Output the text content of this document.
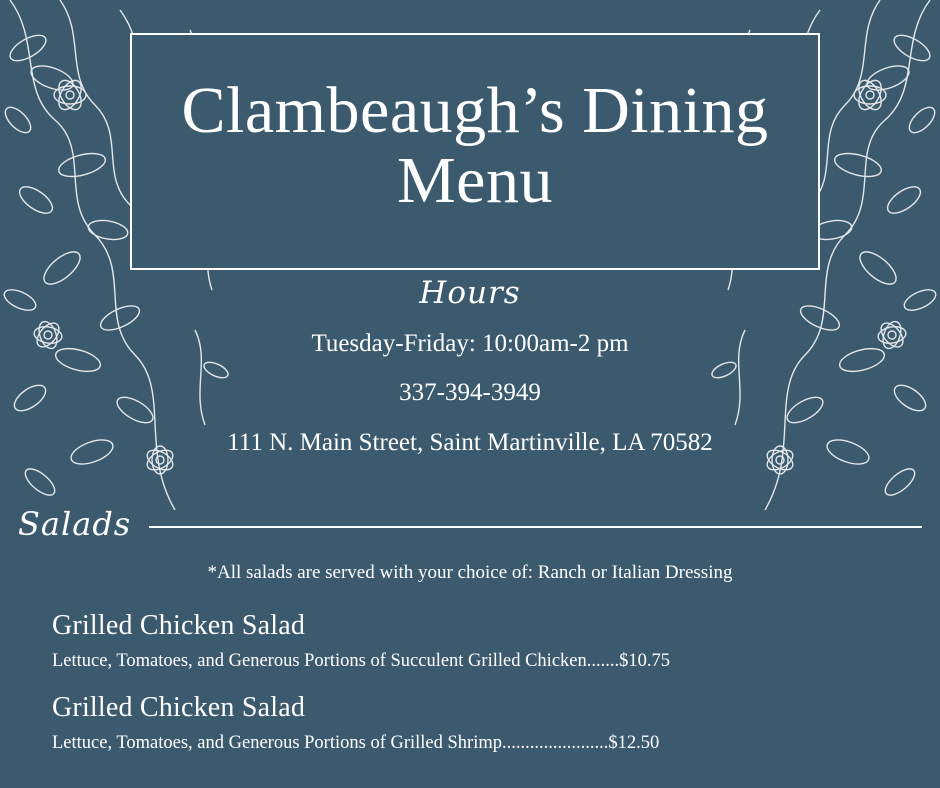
Clambeaugh’s Dining Menu
Hours
Tuesday-Friday: 10:00am-2 pm
337-394-3949
111 N. Main Street, Saint Martinville, LA 70582
Salads
*All salads are served with your choice of: Ranch or Italian Dressing
Grilled Chicken Salad
Lettuce, Tomatoes, and Generous Portions of Succulent Grilled Chicken.......$10.75
Grilled Chicken Salad
Lettuce, Tomatoes, and Generous Portions of Grilled Shrimp.......................$12.50
